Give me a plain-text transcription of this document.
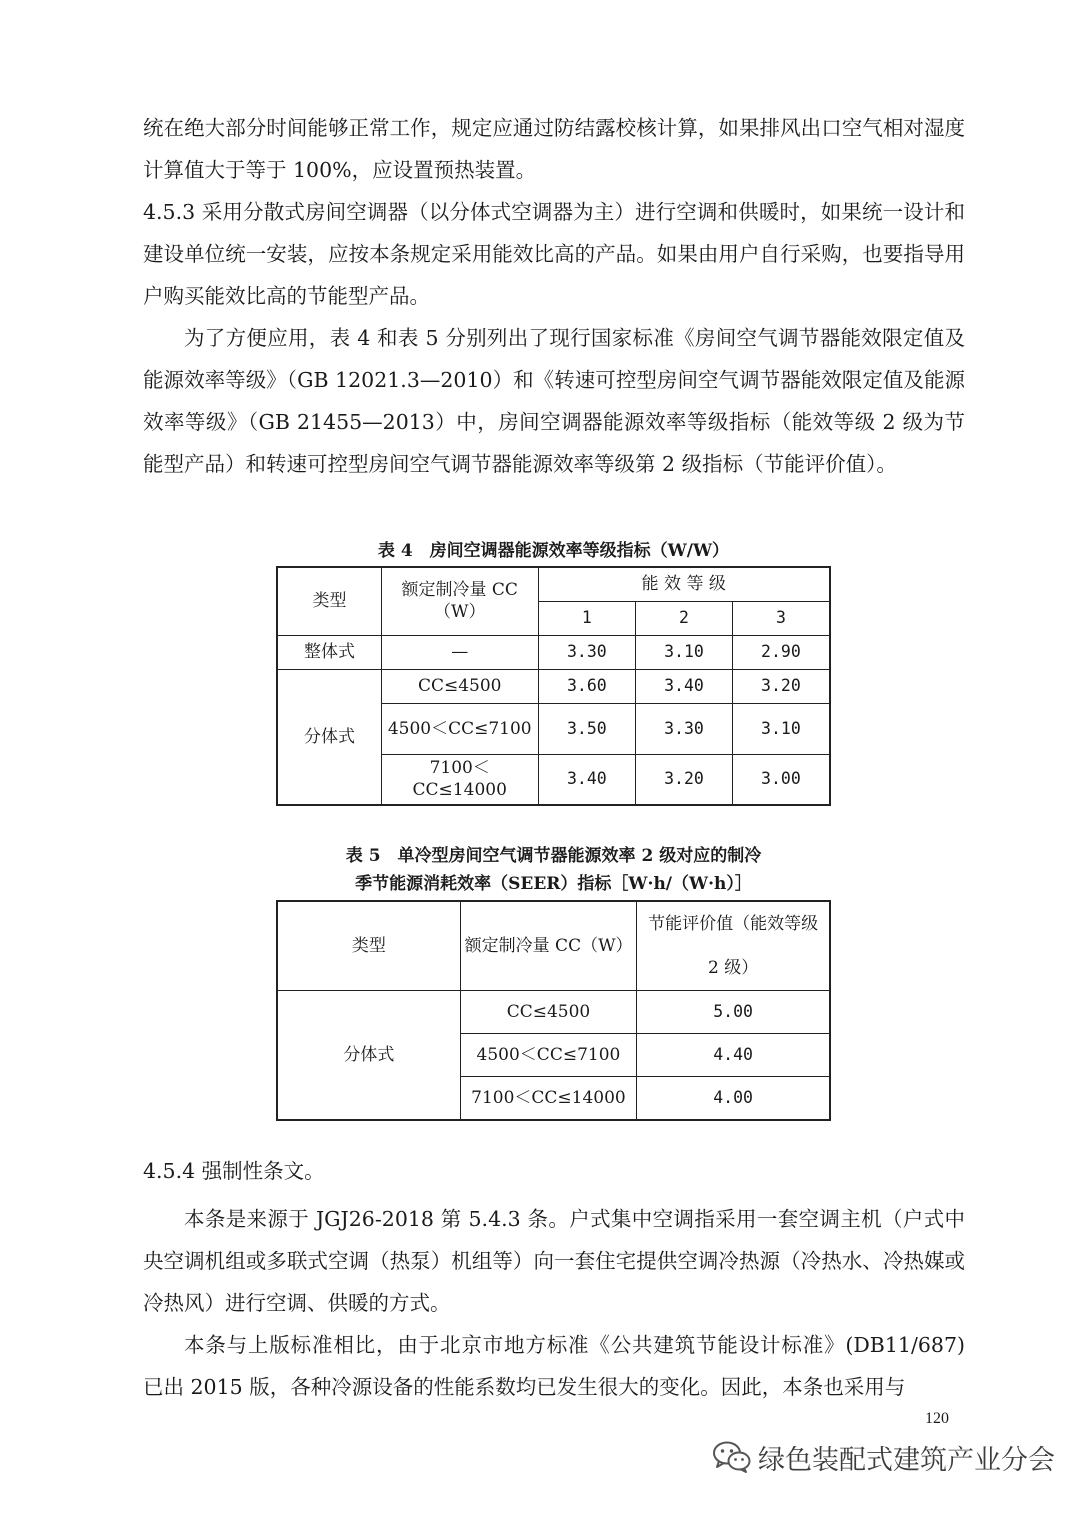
统在绝大部分时间能够正常工作，规定应通过防结露校核计算，如果排风出口空气相对湿度计算值大于等于 100%，应设置预热装置。

4.5.3 采用分散式房间空调器（以分体式空调器为主）进行空调和供暖时，如果统一设计和建设单位统一安装，应按本条规定采用能效比高的产品。如果由用户自行采购，也要指导用户购买能效比高的节能型产品。

为了方便应用，表 4 和表 5 分别列出了现行国家标准《房间空气调节器能效限定值及能源效率等级》（GB 12021.3—2010）和《转速可控型房间空气调节器能效限定值及能源效率等级》（GB 21455—2013）中，房间空调器能源效率等级指标（能效等级 2 级为节能型产品）和转速可控型房间空气调节器能源效率等级第 2 级指标（节能评价值）。

表 4　房间空调器能源效率等级指标（W/W）
类型	额定制冷量 CC（W）	能 效 等 级		
		1	2	3
整体式	—	3.30	3.10	2.90
分体式	CC≤4500	3.60	3.40	3.20
	4500＜CC≤7100	3.50	3.30	3.10
	7100＜CC≤14000	3.40	3.20	3.00
表 5　单冷型房间空气调节器能源效率 2 级对应的制冷
季节能源消耗效率（SEER）指标［W·h/（W·h）］
类型	额定制冷量 CC（W）	节能评价值（能效等级 2 级）
分体式	CC≤4500	5.00
	4500＜CC≤7100	4.40
	7100＜CC≤14000	4.00

4.5.4 强制性条文。

本条是来源于 JGJ26-2018 第 5.4.3 条。户式集中空调指采用一套空调主机（户式中央空调机组或多联式空调（热泵）机组等）向一套住宅提供空调冷热源（冷热水、冷热媒或冷热风）进行空调、供暖的方式。

本条与上版标准相比，由于北京市地方标准《公共建筑节能设计标准》(DB11/687) 已出 2015 版，各种冷源设备的性能系数均已发生很大的变化。因此，本条也采用与

120
绿色装配式建筑产业分会
